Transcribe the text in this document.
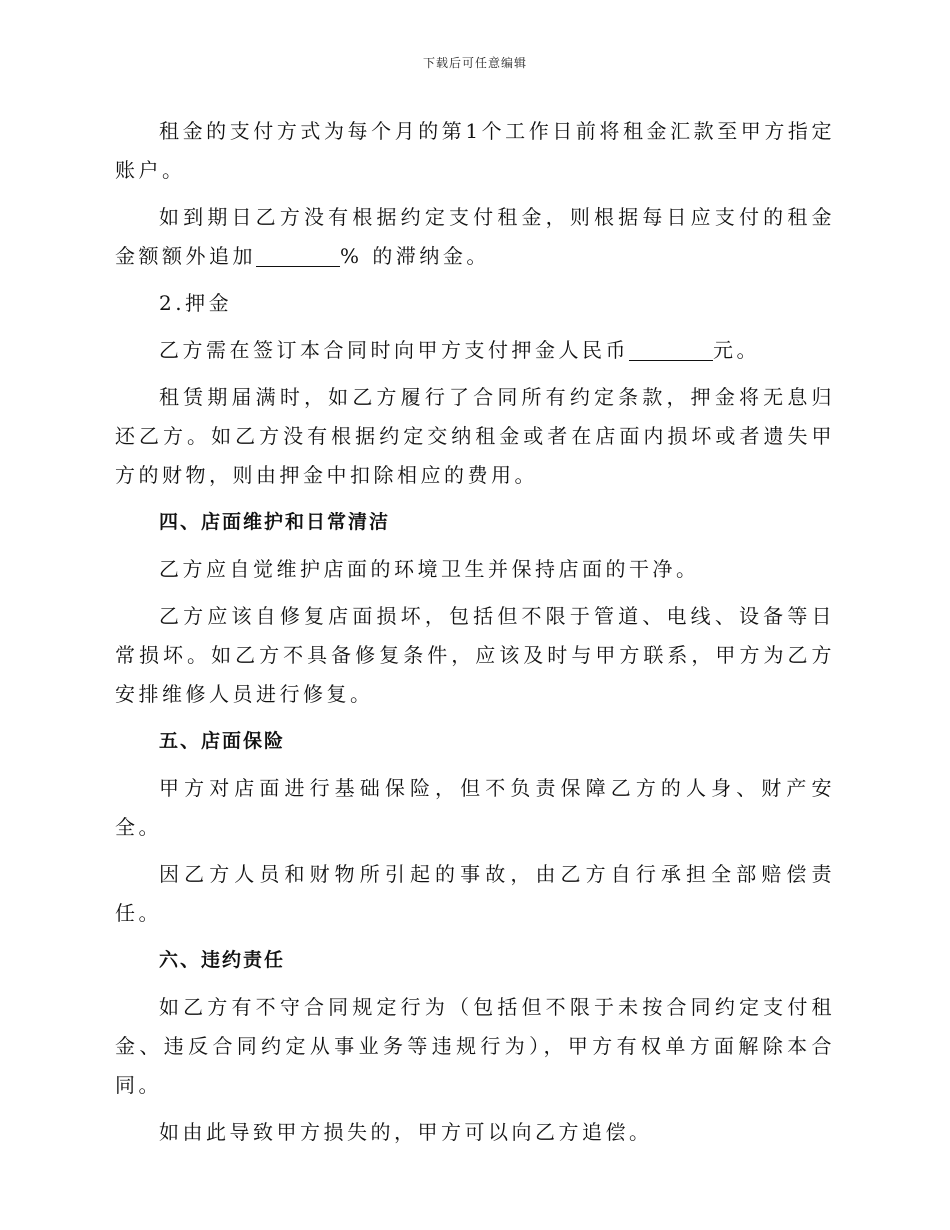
下载后可任意编辑

租金的支付方式为每个月的第1个工作日前将租金汇款至甲方指定账户。

如到期日乙方没有根据约定支付租金，则根据每日应支付的租金金额额外追加	% 的滞纳金。

2.押金

乙方需在签订本合同时向甲方支付押金人民币	元。

租赁期届满时，如乙方履行了合同所有约定条款，押金将无息归还乙方。如乙方没有根据约定交纳租金或者在店面内损坏或者遗失甲方的财物，则由押金中扣除相应的费用。

四、店面维护和日常清洁

乙方应自觉维护店面的环境卫生并保持店面的干净。

乙方应该自修复店面损坏，包括但不限于管道、电线、设备等日常损坏。如乙方不具备修复条件，应该及时与甲方联系，甲方为乙方安排维修人员进行修复。

五、店面保险

甲方对店面进行基础保险，但不负责保障乙方的人身、财产安全。

因乙方人员和财物所引起的事故，由乙方自行承担全部赔偿责任。

六、违约责任

如乙方有不守合同规定行为（包括但不限于未按合同约定支付租金、违反合同约定从事业务等违规行为），甲方有权单方面解除本合同。

如由此导致甲方损失的，甲方可以向乙方追偿。
